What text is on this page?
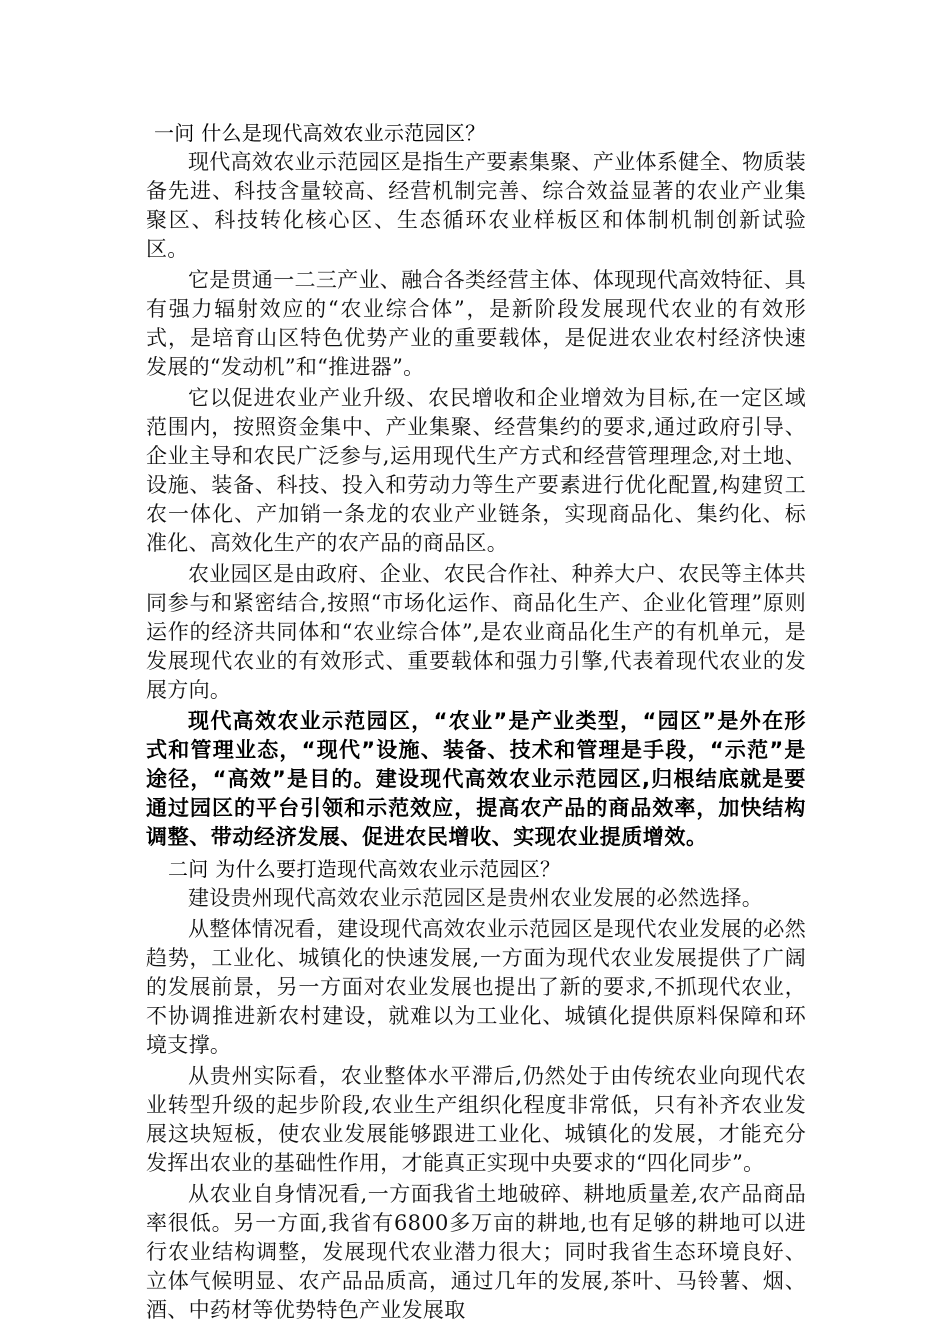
一问 什么是现代高效农业示范园区？

现代高效农业示范园区是指生产要素集聚、产业体系健全、物质装备先进、科技含量较高、经营机制完善、综合效益显著的农业产业集聚区、科技转化核心区、生态循环农业样板区和体制机制创新试验区。

它是贯通一二三产业、融合各类经营主体、体现现代高效特征、具有强力辐射效应的“农业综合体”，是新阶段发展现代农业的有效形式，是培育山区特色优势产业的重要载体，是促进农业农村经济快速发展的“发动机”和“推进器”。

它以促进农业产业升级、农民增收和企业增效为目标,在一定区域范围内，按照资金集中、产业集聚、经营集约的要求,通过政府引导、企业主导和农民广泛参与,运用现代生产方式和经营管理理念,对土地、设施、装备、科技、投入和劳动力等生产要素进行优化配置,构建贸工农一体化、产加销一条龙的农业产业链条，实现商品化、集约化、标准化、高效化生产的农产品的商品区。

农业园区是由政府、企业、农民合作社、种养大户、农民等主体共同参与和紧密结合,按照“市场化运作、商品化生产、企业化管理”原则运作的经济共同体和“农业综合体”,是农业商品化生产的有机单元，是发展现代农业的有效形式、重要载体和强力引擎,代表着现代农业的发展方向。

现代高效农业示范园区，“农业”是产业类型，“园区”是外在形式和管理业态，“现代”设施、装备、技术和管理是手段，“示范”是途径，“高效”是目的。建设现代高效农业示范园区,归根结底就是要通过园区的平台引领和示范效应，提高农产品的商品效率，加快结构调整、带动经济发展、促进农民增收、实现农业提质增效。

二问 为什么要打造现代高效农业示范园区？

建设贵州现代高效农业示范园区是贵州农业发展的必然选择。

从整体情况看，建设现代高效农业示范园区是现代农业发展的必然趋势，工业化、城镇化的快速发展,一方面为现代农业发展提供了广阔的发展前景，另一方面对农业发展也提出了新的要求,不抓现代农业，不协调推进新农村建设，就难以为工业化、城镇化提供原料保障和环境支撑。

从贵州实际看，农业整体水平滞后,仍然处于由传统农业向现代农业转型升级的起步阶段,农业生产组织化程度非常低，只有补齐农业发展这块短板，使农业发展能够跟进工业化、城镇化的发展，才能充分发挥出农业的基础性作用，才能真正实现中央要求的“四化同步”。

从农业自身情况看,一方面我省土地破碎、耕地质量差,农产品商品率很低。另一方面,我省有6800多万亩的耕地,也有足够的耕地可以进行农业结构调整，发展现代农业潜力很大；同时我省生态环境良好、立体气候明显、农产品品质高，通过几年的发展,茶叶、马铃薯、烟、酒、中药材等优势特色产业发展取
